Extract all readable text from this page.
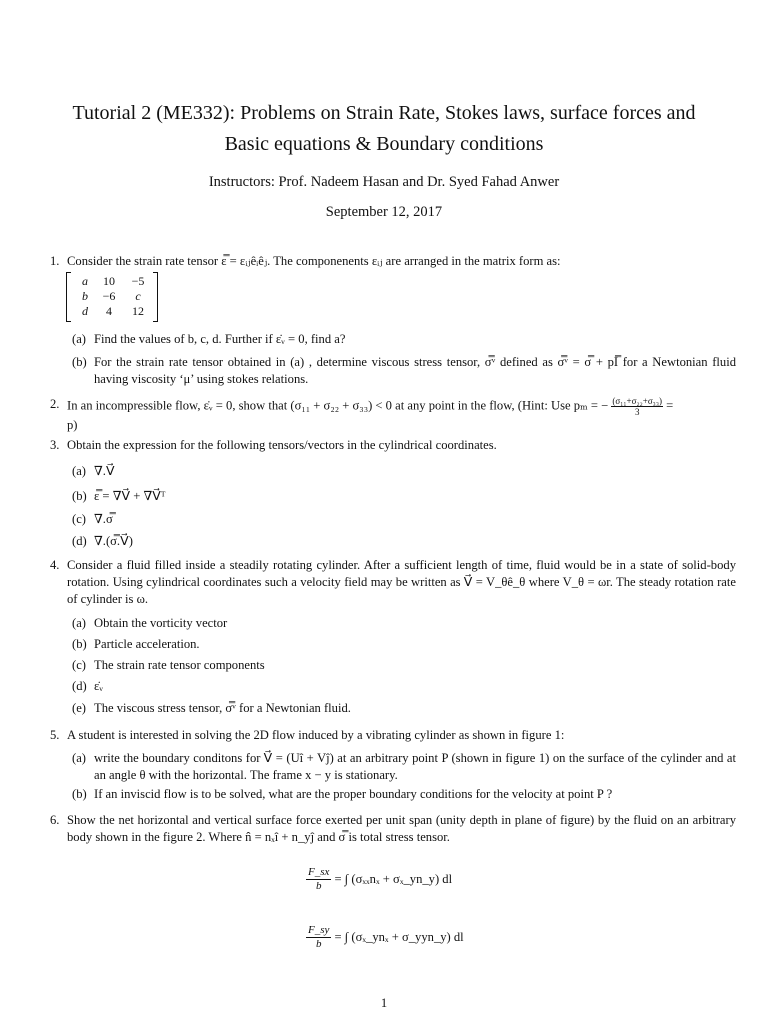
Tutorial 2 (ME332): Problems on Strain Rate, Stokes laws, surface forces and
Basic equations & Boundary conditions
Instructors: Prof. Nadeem Hasan and Dr. Syed Fahad Anwer
September 12, 2017
1. Consider the strain rate tensor ε̿ = εᵢⱼêᵢêⱼ. The componenents εᵢⱼ are arranged in the matrix form as:
a	10	−5
b	−6	c
d	4	12
(a) Find the values of b, c, d. Further if ε̇ᵥ = 0, find a?
(b) For the strain rate tensor obtained in (a) , determine viscous stress tensor, σ̿ᵛ defined as σ̿ᵛ = σ̿ + pI̿ for a Newtonian fluid having viscosity ‘μ’ using stokes relations.
2. In an incompressible flow, ε̇ᵥ = 0, show that (σ₁₁ + σ₂₂ + σ₃₃) < 0 at any point in the flow, (Hint: Use pₘ = − $\frac{\text{(σ₁₁+σ₂₂+σ₃₃)}}{3}$ =
p)
3. Obtain the expression for the following tensors/vectors in the cylindrical coordinates.
(a) ∇.V⃗
(b) ε̿ = ∇V⃗ + ∇V⃗ᵀ
(c) ∇.σ̿
(d) ∇.(σ̿.V⃗)
4. Consider a fluid filled inside a steadily rotating cylinder. After a sufficient length of time, fluid would be in a state of solid-body rotation. Using cylindrical coordinates such a velocity field may be written as V⃗ = V_θê_θ where V_θ = ωr. The steady rotation rate of cylinder is ω.
(a) Obtain the vorticity vector
(b) Particle acceleration.
(c) The strain rate tensor components
(d) ε̇ᵥ
(e) The viscous stress tensor, σ̿ᵛ for a Newtonian fluid.
5. A student is interested in solving the 2D flow induced by a vibrating cylinder as shown in figure 1:
(a) write the boundary conditons for V⃗ = (Uî + Vĵ) at an arbitrary point P (shown in figure 1) on the surface of the cylinder and at an angle θ with the horizontal. The frame x − y is stationary.
(b) If an inviscid flow is to be solved, what are the proper boundary conditions for the velocity at point P ?
6. Show the net horizontal and vertical surface force exerted per unit span (unity depth in plane of figure) by the fluid on an arbitrary body shown in the figure 2. Where n̂ = nₓî + n_yĵ and σ̿ is total stress tensor.
$\frac{F\_sx}{b}$ = ∫ (σₓₓnₓ + σₓ_yn_y) dl
$\frac{F\_sy}{b}$ = ∫ (σₓ_ynₓ + σ_yyn_y) dl
1
